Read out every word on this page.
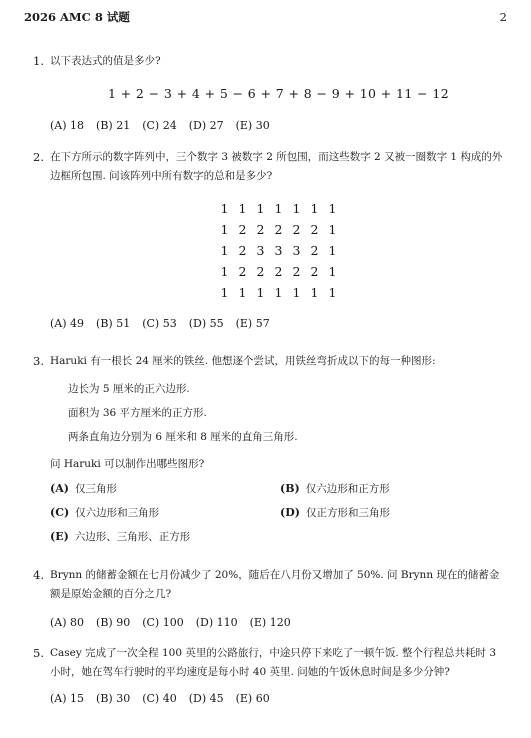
2026 AMC 8 试题	2
1. 以下表达式的值是多少?
1 + 2 − 3 + 4 + 5 − 6 + 7 + 8 − 9 + 10 + 11 − 12
(A) 18 (B) 21 (C) 24 (D) 27 (E) 30
2. 在下方所示的数字阵列中，三个数字 3 被数字 2 所包围，而这些数字 2 又被一圈数字 1 构成的外边框所包围. 问该阵列中所有数字的总和是多少?
1 1 1 1 1 1 1
1 2 2 2 2 2 1
1 2 3 3 3 2 1
1 2 2 2 2 2 1
1 1 1 1 1 1 1
(A) 49 (B) 51 (C) 53 (D) 55 (E) 57
3. Haruki 有一根长 24 厘米的铁丝. 他想逐个尝试，用铁丝弯折成以下的每一种图形:
边长为 5 厘米的正六边形.
面积为 36 平方厘米的正方形.
两条直角边分别为 6 厘米和 8 厘米的直角三角形.
问 Haruki 可以制作出哪些图形?
(A) 仅三角形	(B) 仅六边形和正方形
(C) 仅六边形和三角形	(D) 仅正方形和三角形
(E) 六边形、三角形、正方形
4. Brynn 的储蓄金额在七月份减少了 20%，随后在八月份又增加了 50%. 问 Brynn 现在的储蓄金额是原始金额的百分之几?
(A) 80 (B) 90 (C) 100 (D) 110 (E) 120
5. Casey 完成了一次全程 100 英里的公路旅行，中途只停下来吃了一顿午饭. 整个行程总共耗时 3 小时，她在驾车行驶时的平均速度是每小时 40 英里. 问她的午饭休息时间是多少分钟?
(A) 15 (B) 30 (C) 40 (D) 45 (E) 60
